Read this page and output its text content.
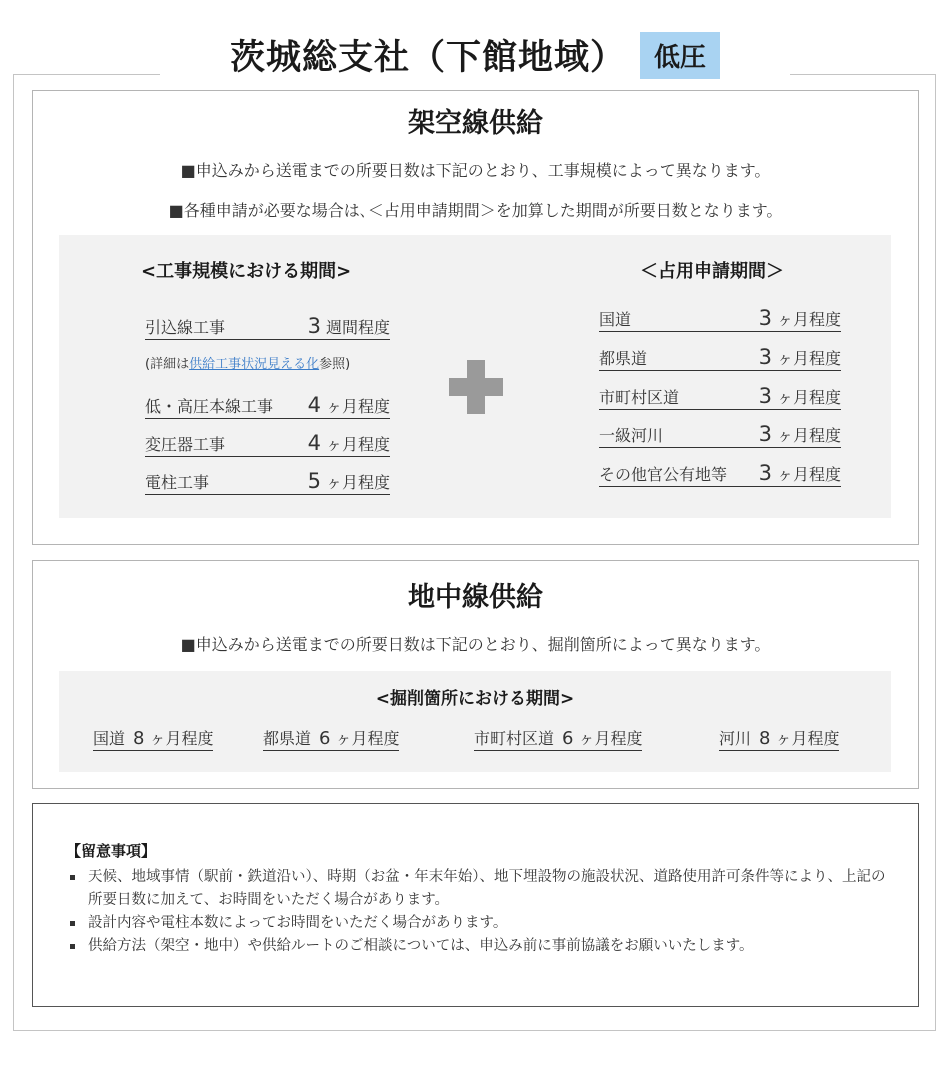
茨城総支社（下館地域）	低圧
架空線供給
■申込みから送電までの所要日数は下記のとおり、工事規模によって異なります。
■各種申請が必要な場合は､＜占用申請期間＞を加算した期間が所要日数となります。
<工事規模における期間>
引込線工事	3 週間程度
(詳細は供給工事状況見える化参照)
低・高圧本線工事 4 ヶ月程度
変圧器工事	4 ヶ月程度
電柱工事	5 ヶ月程度
＜占用申請期間＞
国道	3 ヶ月程度
都県道	3 ヶ月程度
市町村区道	3 ヶ月程度
一級河川	3 ヶ月程度
その他官公有地等 3 ヶ月程度
地中線供給
■申込みから送電までの所要日数は下記のとおり、掘削箇所によって異なります。
<掘削箇所における期間>
国道 8 ヶ月程度	都県道 6 ヶ月程度	市町村区道 6 ヶ月程度	河川 8 ヶ月程度
【留意事項】
天候、地域事情（駅前・鉄道沿い）、時期（お盆・年末年始）、地下埋設物の施設状況、道路使用許可条件等により、上記の所要日数に加えて、お時間をいただく場合があります。
設計内容や電柱本数によってお時間をいただく場合があります。
供給方法（架空・地中）や供給ルートのご相談については、申込み前に事前協議をお願いいたします。
